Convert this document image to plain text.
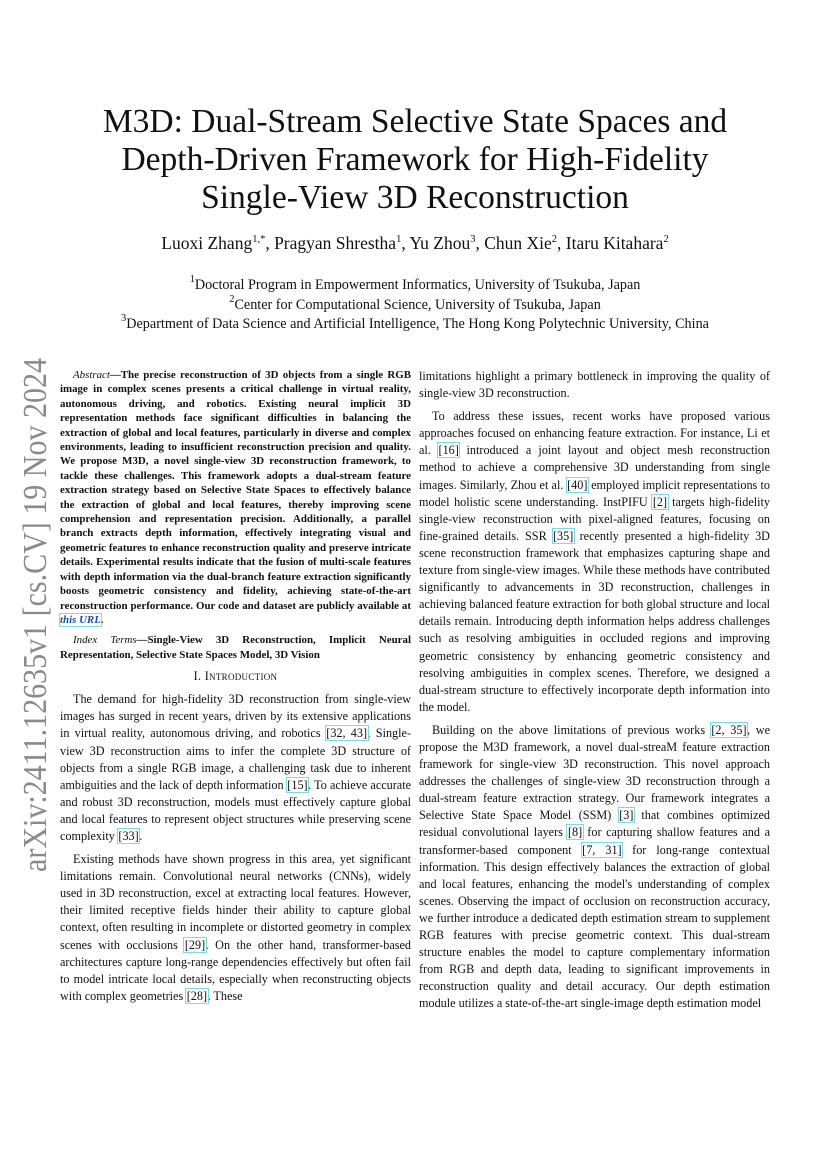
arXiv:2411.12635v1 [cs.CV] 19 Nov 2024
M3D: Dual-Stream Selective State Spaces and
Depth-Driven Framework for High-Fidelity
Single-View 3D Reconstruction
Luoxi Zhang$^{1,*}$, Pragyan Shrestha$^1$, Yu Zhou$^3$, Chun Xie$^2$, Itaru Kitahara$^2$
$^1$Doctoral Program in Empowerment Informatics, University of Tsukuba, Japan
$^2$Center for Computational Science, University of Tsukuba, Japan
$^3$Department of Data Science and Artificial Intelligence, The Hong Kong Polytechnic University, China

Abstract—The precise reconstruction of 3D objects from a single RGB image in complex scenes presents a critical challenge in virtual reality, autonomous driving, and robotics. Existing neural implicit 3D representation methods face significant difficulties in balancing the extraction of global and local features, particularly in diverse and complex environments, leading to insufficient reconstruction precision and quality. We propose M3D, a novel single-view 3D reconstruction framework, to tackle these challenges. This framework adopts a dual-stream feature extraction strategy based on Selective State Spaces to effectively balance the extraction of global and local features, thereby improving scene comprehension and representation precision. Additionally, a parallel branch extracts depth information, effectively integrating visual and geometric features to enhance reconstruction quality and preserve intricate details. Experimental results indicate that the fusion of multi-scale features with depth information via the dual-branch feature extraction significantly boosts geometric consistency and fidelity, achieving state-of-the-art reconstruction performance. Our code and dataset are publicly available at this URL.

Index Terms—Single-View 3D Reconstruction, Implicit Neural Representation, Selective State Spaces Model, 3D Vision

I. Introduction

The demand for high-fidelity 3D reconstruction from single-view images has surged in recent years, driven by its extensive applications in virtual reality, autonomous driving, and robotics [32, 43]. Single-view 3D reconstruction aims to infer the complete 3D structure of objects from a single RGB image, a challenging task due to inherent ambiguities and the lack of depth information [15]. To achieve accurate and robust 3D reconstruction, models must effectively capture global and local features to represent object structures while preserving scene complexity [33].

Existing methods have shown progress in this area, yet significant limitations remain. Convolutional neural networks (CNNs), widely used in 3D reconstruction, excel at extracting local features. However, their limited receptive fields hinder their ability to capture global context, often resulting in incomplete or distorted geometry in complex scenes with occlusions [29]. On the other hand, transformer-based architectures capture long-range dependencies effectively but often fail to model intricate local details, especially when reconstructing objects with complex geometries [28]. These

limitations highlight a primary bottleneck in improving the quality of single-view 3D reconstruction.

To address these issues, recent works have proposed various approaches focused on enhancing feature extraction. For instance, Li et al. [16] introduced a joint layout and object mesh reconstruction method to achieve a comprehensive 3D understanding from single images. Similarly, Zhou et al. [40] employed implicit representations to model holistic scene understanding. InstPIFU [2] targets high-fidelity single-view reconstruction with pixel-aligned features, focusing on fine-grained details. SSR [35] recently presented a high-fidelity 3D scene reconstruction framework that emphasizes capturing shape and texture from single-view images. While these methods have contributed significantly to advancements in 3D reconstruction, challenges in achieving balanced feature extraction for both global structure and local details remain. Introducing depth information helps address challenges such as resolving ambiguities in occluded regions and improving geometric consistency by enhancing geometric consistency and resolving ambiguities in complex scenes. Therefore, we designed a dual-stream structure to effectively incorporate depth information into the model.

Building on the above limitations of previous works [2, 35], we propose the M3D framework, a novel dual-streaM feature extraction framework for single-view 3D reconstruction. This novel approach addresses the challenges of single-view 3D reconstruction through a dual-stream feature extraction strategy. Our framework integrates a Selective State Space Model (SSM) [3] that combines optimized residual convolutional layers [8] for capturing shallow features and a transformer-based component [7, 31] for long-range contextual information. This design effectively balances the extraction of global and local features, enhancing the model's understanding of complex scenes. Observing the impact of occlusion on reconstruction accuracy, we further introduce a dedicated depth estimation stream to supplement RGB features with precise geometric context. This dual-stream structure enables the model to capture complementary information from RGB and depth data, leading to significant improvements in reconstruction quality and detail accuracy. Our depth estimation module utilizes a state-of-the-art single-image depth estimation model
